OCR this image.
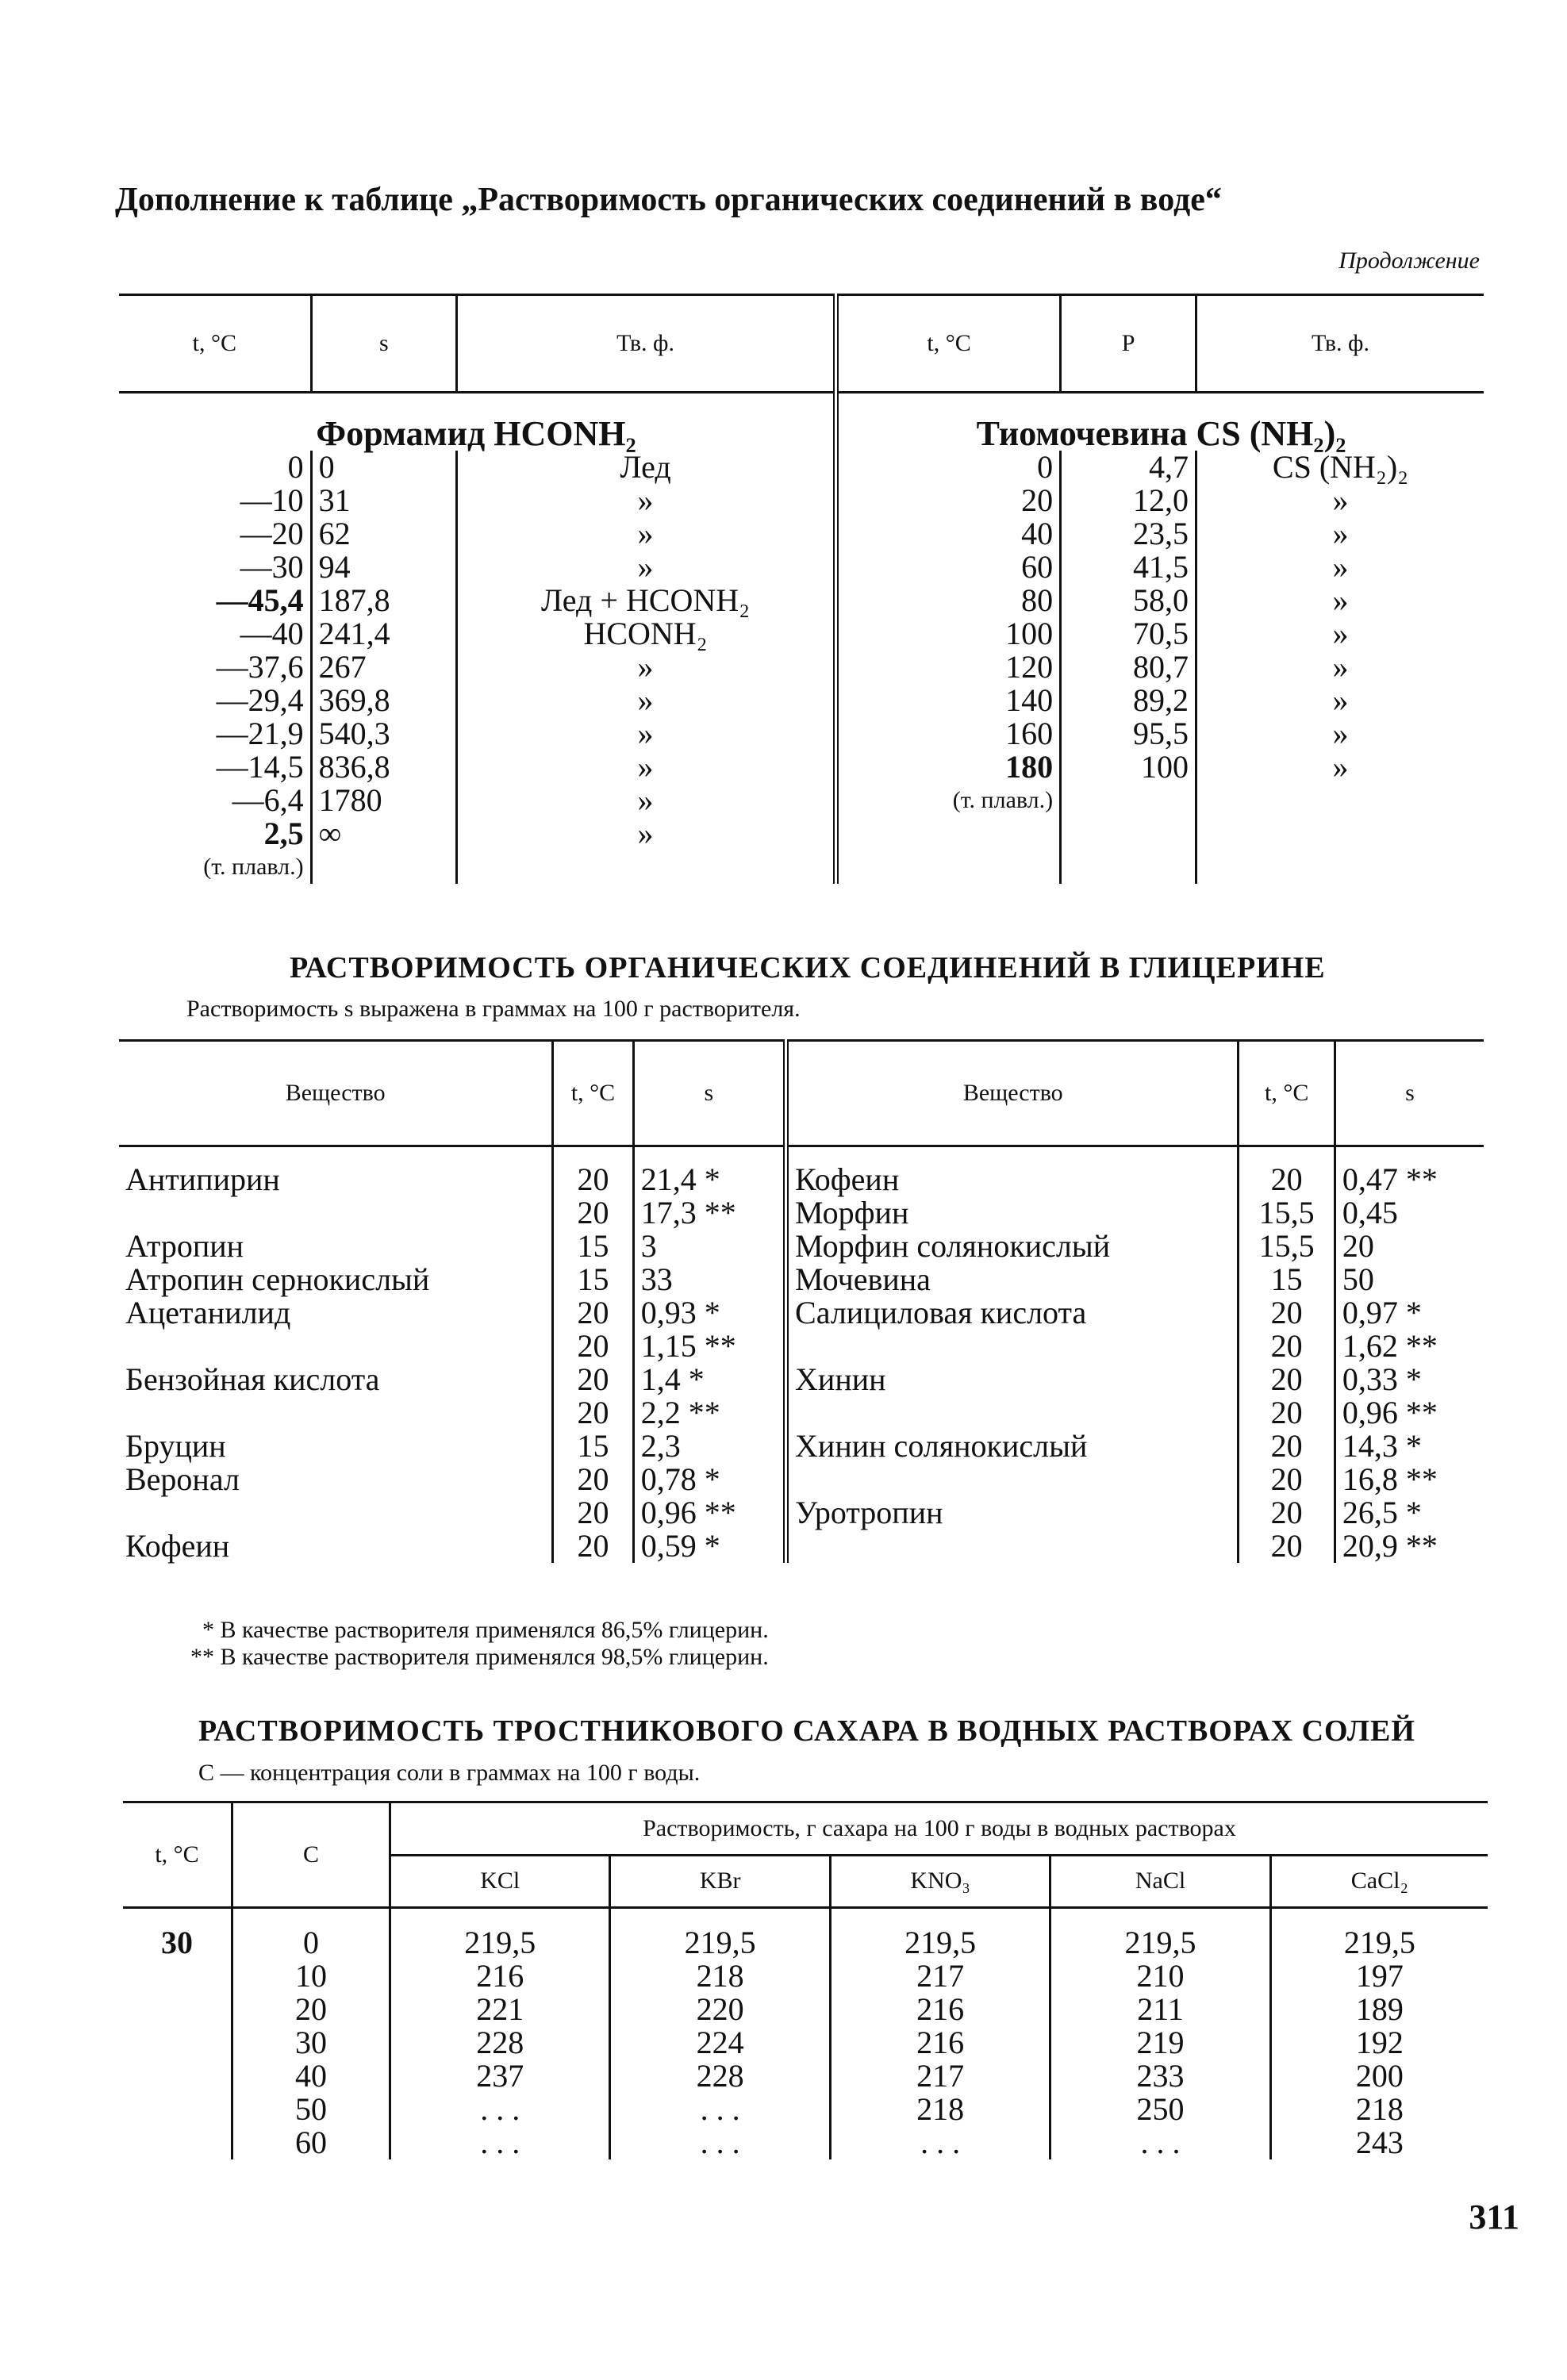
Дополнение к таблице „Растворимость органических соединений в воде“
Продолжение
t, °C	s	Тв. ф.	t, °C	P	Тв. ф.
Формамид HCONH₂			Тиомочевина CS (NH₂)₂		
0	0	Лед	0	4,7	CS (NH₂)₂
—10	31	»	20	12,0	»
—20	62	»	40	23,5	»
—30	94	»	60	41,5	»
—45,4	187,8	Лед + HCONH₂	80	58,0	»
—40	241,4	HCONH₂	100	70,5	»
—37,6	267	»	120	80,7	»
—29,4	369,8	»	140	89,2	»
—21,9	540,3	»	160	95,5	»
—14,5	836,8	»	180	100	»
—6,4	1780	»	(т. плавл.)		
2,5	∞	»			
(т. плавл.)					
РАСТВОРИМОСТЬ ОРГАНИЧЕСКИХ СОЕДИНЕНИЙ В ГЛИЦЕРИНЕ
Растворимость s выражена в граммах на 100 г растворителя.
Вещество	t, °C	s	Вещество	t, °C	s
Антипирин	20	21,4 *	Кофеин	20	0,47 **
	20	17,3 **	Морфин	15,5	0,45
Атропин	15	3	Морфин солянокислый	15,5	20
Атропин сернокислый	15	33	Мочевина	15	50
Ацетанилид	20	0,93 *	Салициловая кислота	20	0,97 *
	20	1,15 **		20	1,62 **
Бензойная кислота	20	1,4 *	Хинин	20	0,33 *
	20	2,2 **		20	0,96 **
Бруцин	15	2,3	Хинин солянокислый	20	14,3 *
Веронал	20	0,78 *		20	16,8 **
	20	0,96 **	Уротропин	20	26,5 *
Кофеин	20	0,59 *		20	20,9 **
* В качестве растворителя применялся 86,5% глицерин.
** В качестве растворителя применялся 98,5% глицерин.
РАСТВОРИМОСТЬ ТРОСТНИКОВОГО САХАРА В ВОДНЫХ РАСТВОРАХ СОЛЕЙ
C — концентрация соли в граммах на 100 г воды.
t, °C	C	Растворимость, г сахара на 100 г воды в водных растворах				
		KCl	KBr	KNO₃	NaCl	CaCl₂
30	0	219,5	219,5	219,5	219,5	219,5
	10	216	218	217	210	197
	20	221	220	216	211	189
	30	228	224	216	219	192
	40	237	228	217	233	200
	50	. . .	. . .	218	250	218
	60	. . .	. . .	. . .	. . .	243
311
